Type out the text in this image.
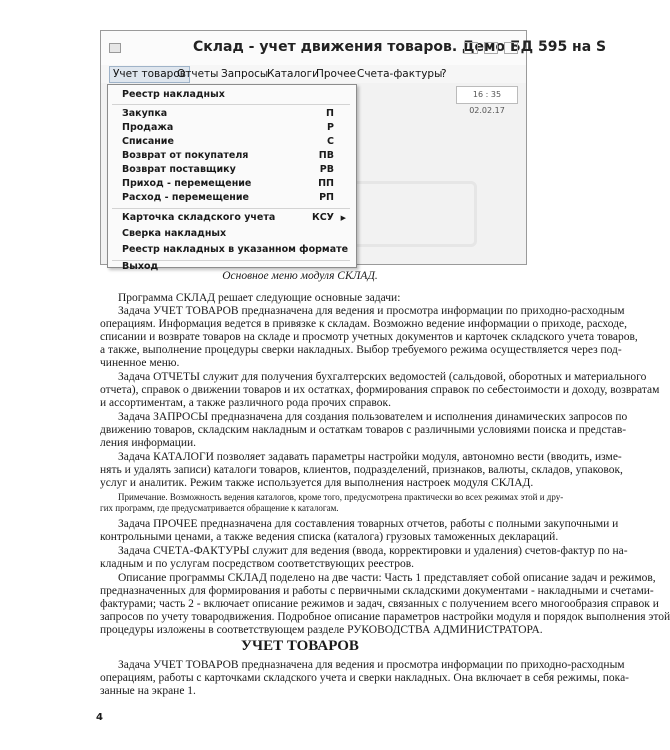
Склад - учет движения товаров. Демо БД 595 на S
Учет товаров
Отчеты Запросы
Каталоги
Прочее Счета-фактуры
?
16 : 35 02.02.17
Реестр накладных
Закупка	П
Продажа	Р
Списание	С
Возврат от покупателя	ПВ
Возврат поставщику	РВ
Приход - перемещение	ПП
Расход - перемещение	РП
Карточка складского учета	КСУ ▶
Сверка накладных
Реестр накладных в указанном формате
Выход
Основное меню модуля СКЛАД.
Программа СКЛАД решает следующие основные задачи:
Задача УЧЕТ ТОВАРОВ предназначена для ведения и просмотра информации по приходно-расходным
операциям. Информация ведется в привязке к складам. Возможно ведение информации о приходе, расходе,
списании и возврате товаров на складе и просмотр учетных документов и карточек складского учета товаров,
а также, выполнение процедуры сверки накладных. Выбор требуемого режима осуществляется через под-
чиненное меню.
Задача ОТЧЕТЫ служит для получения бухгалтерских ведомостей (сальдовой, оборотных и материального
отчета), справок о движении товаров и их остатках, формирования справок по себестоимости и доходу, возвратам
и ассортиментам, а также различного рода прочих справок.
Задача ЗАПРОСЫ предназначена для создания пользователем и исполнения динамических запросов по
движению товаров, складским накладным и остаткам товаров с различными условиями поиска и представ-
ления информации.
Задача КАТАЛОГИ позволяет задавать параметры настройки модуля, автономно вести (вводить, изме-
нять и удалять записи) каталоги товаров, клиентов, подразделений, признаков, валюты, складов, упаковок,
услуг и аналитик. Режим также используется для выполнения настроек модуля СКЛАД.
Примечание. Возможность ведения каталогов, кроме того, предусмотрена практически во всех режимах этой и дру-
гих программ, где предусматривается обращение к каталогам.
Задача ПРОЧЕЕ предназначена для составления товарных отчетов, работы с полными закупочными и
контрольными ценами, а также ведения списка (каталога) грузовых таможенных деклараций.
Задача СЧЕТА-ФАКТУРЫ служит для ведения (ввода, корректировки и удаления) счетов-фактур по на-
кладным и по услугам посредством соответствующих реестров.
Описание программы СКЛАД поделено на две части: Часть 1 представляет собой описание задач и режимов,
предназначенных для формирования и работы с первичными складскими документами - накладными и счетами-
фактурами; часть 2 - включает описание режимов и задач, связанных с получением всего многообразия справок и
запросов по учету товародвижения. Подробное описание параметров настройки модуля и порядок выполнения этой
процедуры изложены в соответствующем разделе РУКОВОДСТВА АДМИНИСТРАТОРА.
УЧЕТ ТОВАРОВ
Задача УЧЕТ ТОВАРОВ предназначена для ведения и просмотра информации по приходно-расходным
операциям, работы с карточками складского учета и сверки накладных. Она включает в себя режимы, пока-
занные на экране 1.
4
